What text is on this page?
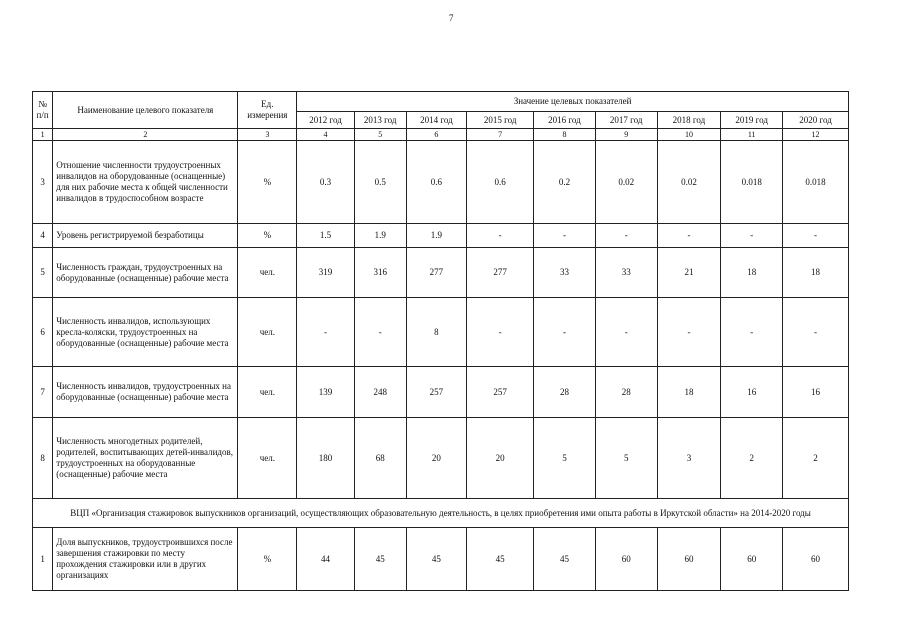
7
№
п/п	Наименование целевого показателя	Ед. измерения	Значение целевых показателей								
			2012 год	2013 год	2014 год	2015 год	2016 год	2017 год	2018 год	2019 год	2020 год
1	2	3	4	5	6	7	8	9	10	11	12
3	Отношение численности трудоустроенных инвалидов на оборудованные (оснащенные) для них рабочие места к общей численности инвалидов в трудоспособном возрасте	%	0.3	0.5	0.6	0.6	0.2	0.02	0.02	0.018	0.018
4	Уровень регистрируемой безработицы	%	1.5	1.9	1.9	-	-	-	-	-	-
5	Численность граждан, трудоустроенных на оборудованные (оснащенные) рабочие места	чел.	319	316	277	277	33	33	21	18	18
6	Численность инвалидов, использующих кресла-коляски, трудоустроенных на оборудованные (оснащенные) рабочие места	чел.	-	-	8	-	-	-	-	-	-
7	Численность инвалидов, трудоустроенных на оборудованные (оснащенные) рабочие места	чел.	139	248	257	257	28	28	18	16	16
8	Численность многодетных родителей, родителей, воспитывающих детей-инвалидов, трудоустроенных на оборудованные (оснащенные) рабочие места	чел.	180	68	20	20	5	5	3	2	2
ВЦП «Организация стажировок выпускников организаций, осуществляющих образовательную деятельность, в целях приобретения ими опыта работы в Иркутской области» на 2014-2020 годы											
1	Доля выпускников, трудоустроившихся после завершения стажировки по месту прохождения стажировки или в других организациях	%	44	45	45	45	45	60	60	60	60
